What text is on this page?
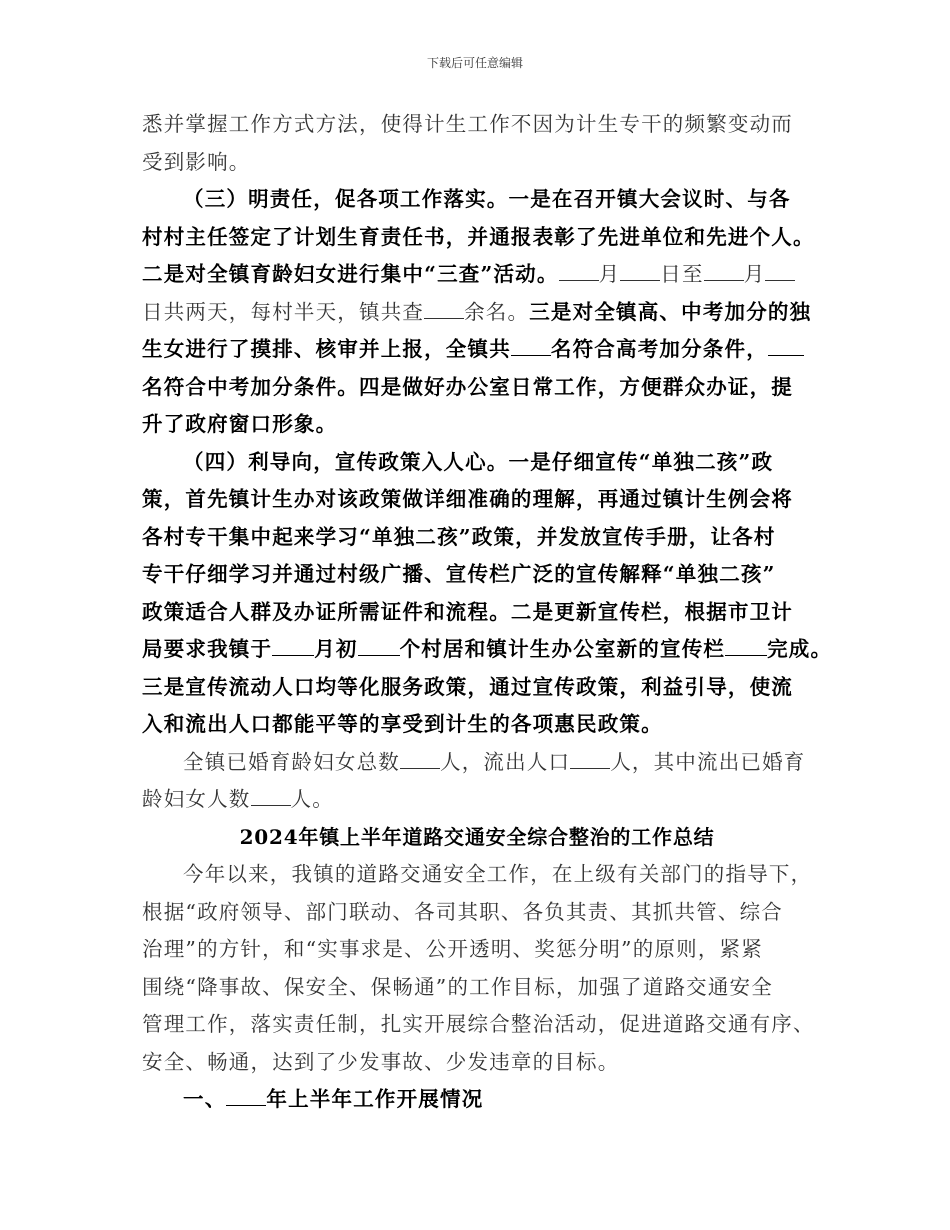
下载后可任意编辑
悉并掌握工作方式方法，使得计生工作不因为计生专干的频繁变动而
受到影响。
（三）明责任，促各项工作落实。一是在召开镇大会议时、与各
村村主任签定了计划生育责任书，并通报表彰了先进单位和先进个人。
二是对全镇育龄妇女进行集中“三查”活动。 月 日至 月
日共两天，每村半天，镇共查 余名。三是对全镇高、中考加分的独
生女进行了摸排、核审并上报，全镇共 名符合高考加分条件，
名符合中考加分条件。四是做好办公室日常工作，方便群众办证，提
升了政府窗口形象。
（四）利导向，宣传政策入人心。一是仔细宣传“单独二孩”政
策，首先镇计生办对该政策做详细准确的理解，再通过镇计生例会将
各村专干集中起来学习“单独二孩”政策，并发放宣传手册，让各村
专干仔细学习并通过村级广播、宣传栏广泛的宣传解释“单独二孩”
政策适合人群及办证所需证件和流程。二是更新宣传栏，根据市卫计
局要求我镇于 月初 个村居和镇计生办公室新的宣传栏 完成。
三是宣传流动人口均等化服务政策，通过宣传政策，利益引导，使流
入和流出人口都能平等的享受到计生的各项惠民政策。
全镇已婚育龄妇女总数 人，流出人口 人，其中流出已婚育
龄妇女人数 人。
2024年镇上半年道路交通安全综合整治的工作总结
今年以来，我镇的道路交通安全工作，在上级有关部门的指导下，
根据“政府领导、部门联动、各司其职、各负其责、其抓共管、综合
治理”的方针，和“实事求是、公开透明、奖惩分明”的原则，紧紧
围绕“降事故、保安全、保畅通”的工作目标，加强了道路交通安全
管理工作，落实责任制，扎实开展综合整治活动，促进道路交通有序、
安全、畅通，达到了少发事故、少发违章的目标。
一、 年上半年工作开展情况
